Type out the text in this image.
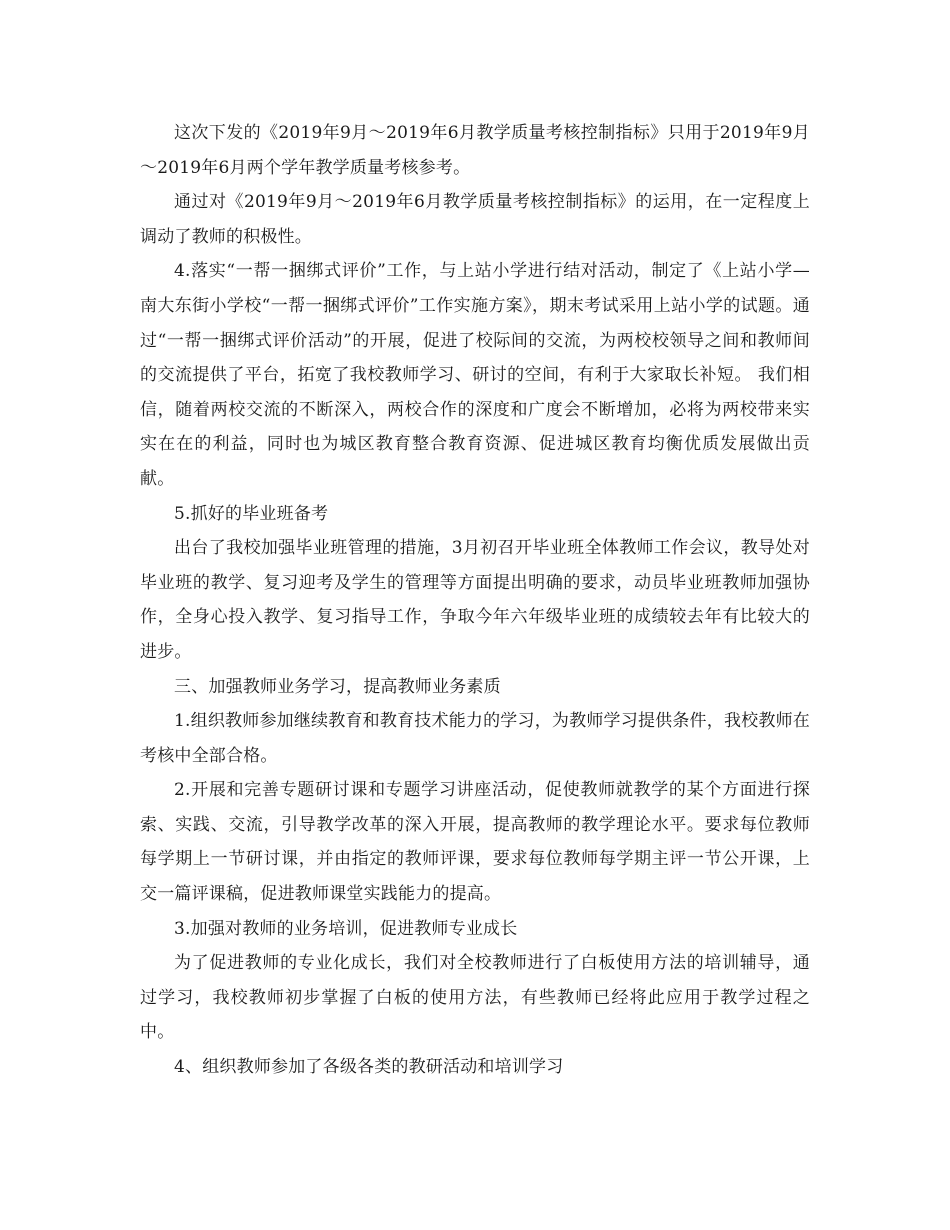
这次下发的《2019年9月～2019年6月教学质量考核控制指标》只用于2019年9月～2019年6月两个学年教学质量考核参考。

通过对《2019年9月～2019年6月教学质量考核控制指标》的运用，在一定程度上调动了教师的积极性。

4.落实“一帮一捆绑式评价”工作，与上站小学进行结对活动，制定了《上站小学—南大东街小学校“一帮一捆绑式评价”工作实施方案》，期末考试采用上站小学的试题。通过“一帮一捆绑式评价活动”的开展，促进了校际间的交流，为两校校领导之间和教师间的交流提供了平台，拓宽了我校教师学习、研讨的空间，有利于大家取长补短。 我们相信，随着两校交流的不断深入，两校合作的深度和广度会不断增加，必将为两校带来实实在在的利益，同时也为城区教育整合教育资源、促进城区教育均衡优质发展做出贡献。

5.抓好的毕业班备考

出台了我校加强毕业班管理的措施，3月初召开毕业班全体教师工作会议，教导处对毕业班的教学、复习迎考及学生的管理等方面提出明确的要求，动员毕业班教师加强协作，全身心投入教学、复习指导工作，争取今年六年级毕业班的成绩较去年有比较大的进步。

三、加强教师业务学习，提高教师业务素质

1.组织教师参加继续教育和教育技术能力的学习，为教师学习提供条件，我校教师在考核中全部合格。

2.开展和完善专题研讨课和专题学习讲座活动，促使教师就教学的某个方面进行探索、实践、交流，引导教学改革的深入开展，提高教师的教学理论水平。要求每位教师每学期上一节研讨课，并由指定的教师评课，要求每位教师每学期主评一节公开课，上交一篇评课稿，促进教师课堂实践能力的提高。

3.加强对教师的业务培训，促进教师专业成长

为了促进教师的专业化成长，我们对全校教师进行了白板使用方法的培训辅导，通过学习，我校教师初步掌握了白板的使用方法，有些教师已经将此应用于教学过程之中。

4、组织教师参加了各级各类的教研活动和培训学习
